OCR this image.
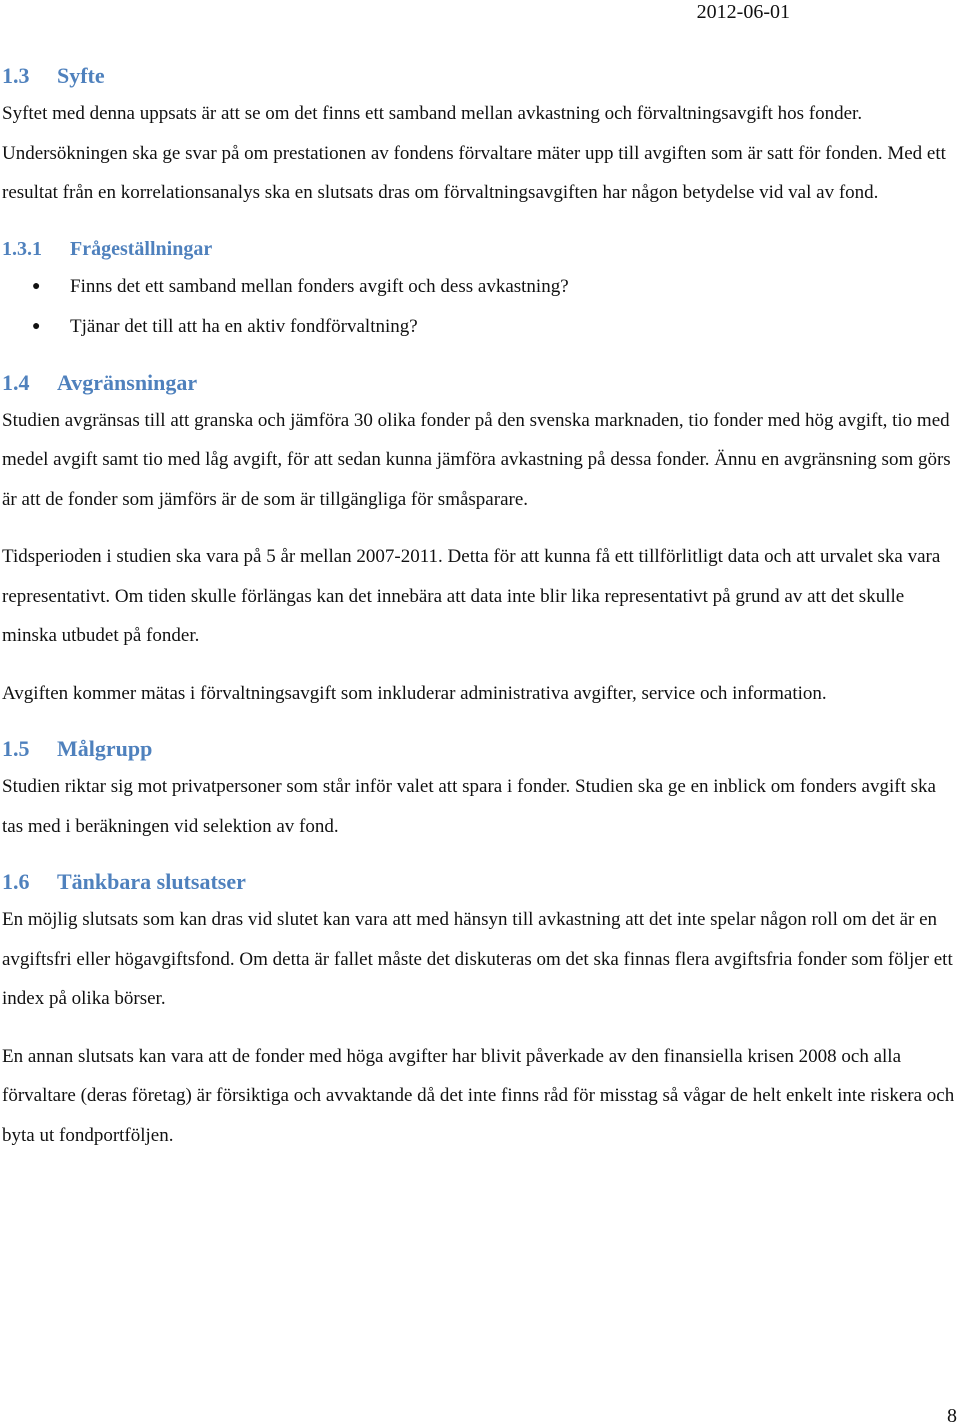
2012-06-01
1.3	Syfte

Syftet med denna uppsats är att se om det finns ett samband mellan avkastning och förvaltningsavgift hos fonder. Undersökningen ska ge svar på om prestationen av fondens förvaltare mäter upp till avgiften som är satt för fonden. Med ett resultat från en korrelationsanalys ska en slutsats dras om förvaltningsavgiften har någon betydelse vid val av fond.

1.3.1	Frågeställningar
● Finns det ett samband mellan fonders avgift och dess avkastning?
● Tjänar det till att ha en aktiv fondförvaltning?
1.4	Avgränsningar

Studien avgränsas till att granska och jämföra 30 olika fonder på den svenska marknaden, tio fonder med hög avgift, tio med medel avgift samt tio med låg avgift, för att sedan kunna jämföra avkastning på dessa fonder. Ännu en avgränsning som görs är att de fonder som jämförs är de som är tillgängliga för småsparare.

Tidsperioden i studien ska vara på 5 år mellan 2007-2011. Detta för att kunna få ett tillförlitligt data och att urvalet ska vara representativt. Om tiden skulle förlängas kan det innebära att data inte blir lika representativt på grund av att det skulle minska utbudet på fonder.

Avgiften kommer mätas i förvaltningsavgift som inkluderar administrativa avgifter, service och information.

1.5	Målgrupp

Studien riktar sig mot privatpersoner som står inför valet att spara i fonder. Studien ska ge en inblick om fonders avgift ska tas med i beräkningen vid selektion av fond.

1.6	Tänkbara slutsatser

En möjlig slutsats som kan dras vid slutet kan vara att med hänsyn till avkastning att det inte spelar någon roll om det är en avgiftsfri eller högavgiftsfond. Om detta är fallet måste det diskuteras om det ska finnas flera avgiftsfria fonder som följer ett index på olika börser.

En annan slutsats kan vara att de fonder med höga avgifter har blivit påverkade av den finansiella krisen 2008 och alla förvaltare (deras företag) är försiktiga och avvaktande då det inte finns råd för misstag så vågar de helt enkelt inte riskera och byta ut fondportföljen.

8
